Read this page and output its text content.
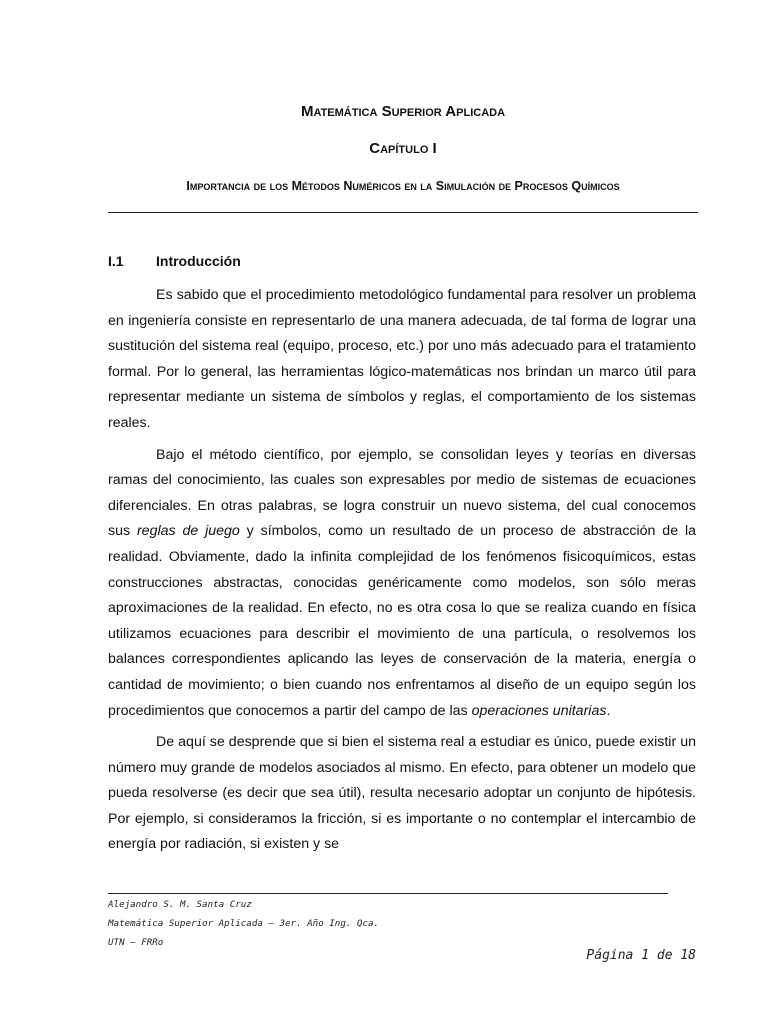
Matemática Superior Aplicada
Capítulo I
Importancia de los Métodos Numéricos en la Simulación de Procesos Químicos
I.1 Introducción

Es sabido que el procedimiento metodológico fundamental para resolver un problema en ingeniería consiste en representarlo de una manera adecuada, de tal forma de lograr una sustitución del sistema real (equipo, proceso, etc.) por uno más adecuado para el tratamiento formal. Por lo general, las herramientas lógico-matemáticas nos brindan un marco útil para representar mediante un sistema de símbolos y reglas, el comportamiento de los sistemas reales.

Bajo el método científico, por ejemplo, se consolidan leyes y teorías en diversas ramas del conocimiento, las cuales son expresables por medio de sistemas de ecuaciones diferenciales. En otras palabras, se logra construir un nuevo sistema, del cual conocemos sus reglas de juego y símbolos, como un resultado de un proceso de abstracción de la realidad. Obviamente, dado la infinita complejidad de los fenómenos fisicoquímicos, estas construcciones abstractas, conocidas genéricamente como modelos, son sólo meras aproximaciones de la realidad. En efecto, no es otra cosa lo que se realiza cuando en física utilizamos ecuaciones para describir el movimiento de una partícula, o resolvemos los balances correspondientes aplicando las leyes de conservación de la materia, energía o cantidad de movimiento; o bien cuando nos enfrentamos al diseño de un equipo según los procedimientos que conocemos a partir del campo de las operaciones unitarias.

De aquí se desprende que si bien el sistema real a estudiar es único, puede existir un número muy grande de modelos asociados al mismo. En efecto, para obtener un modelo que pueda resolverse (es decir que sea útil), resulta necesario adoptar un conjunto de hipótesis. Por ejemplo, si consideramos la fricción, si es importante o no contemplar el intercambio de energía por radiación, si existen y se

Alejandro S. M. Santa Cruz
Matemática Superior Aplicada – 3er. Año Ing. Qca.
UTN – FRRo
Página 1 de 18
